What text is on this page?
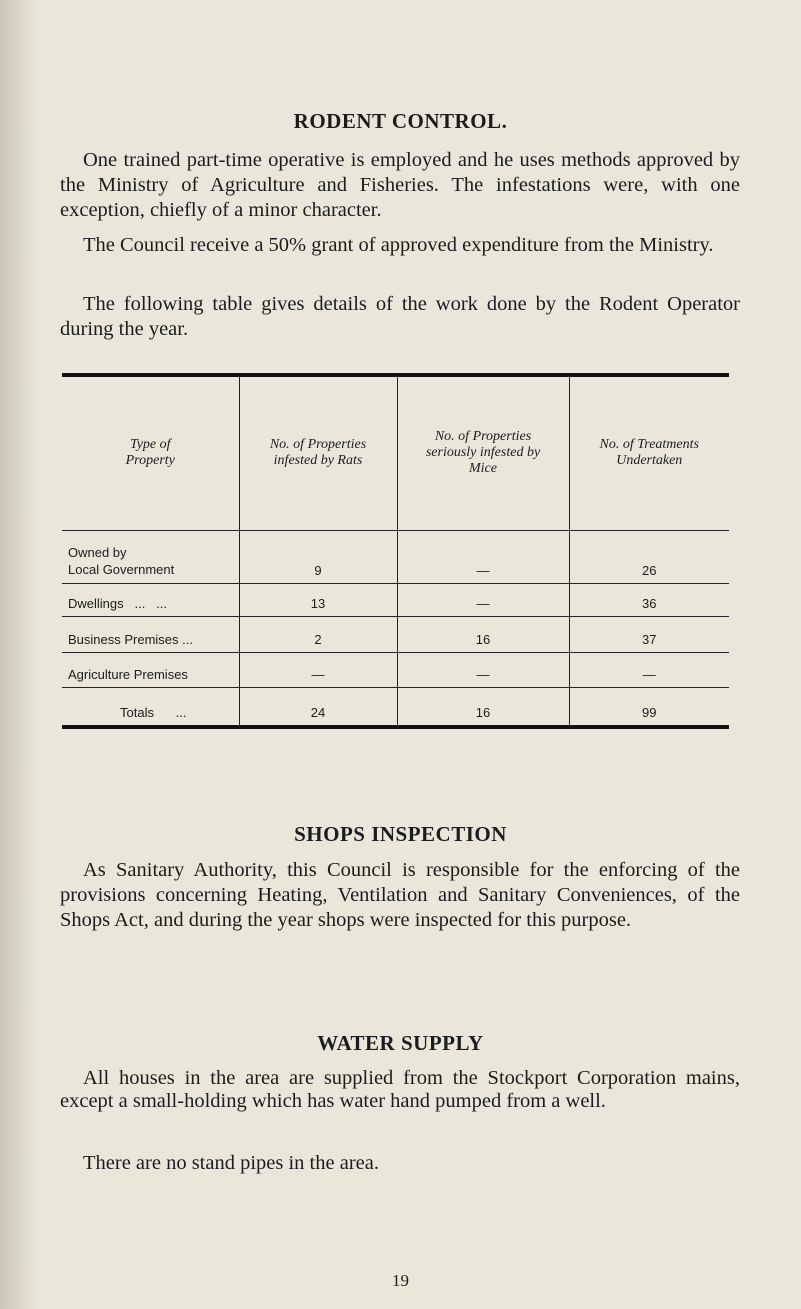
RODENT CONTROL.
One trained part-time operative is employed and he uses methods approved by the Ministry of Agriculture and Fisheries. The infestations were, with one exception, chiefly of a minor character.
The Council receive a 50% grant of approved expenditure from the Ministry.
The following table gives details of the work done by the Rodent Operator during the year.
Type of Property	No. of Properties infested by Rats	No. of Properties seriously infested by Mice	No. of Treatments Undertaken
Owned by
Local Government	9	—	26
Dwellings   ...   ...	13	—	36
Business Premises ...	2	16	37
Agriculture Premises	—	—	—
Totals      ...	24	16	99
SHOPS INSPECTION
As Sanitary Authority, this Council is responsible for the enforcing of the provisions concerning Heating, Ventilation and Sanitary Conveniences, of the Shops Act, and during the year shops were inspected for this purpose.
WATER SUPPLY
All houses in the area are supplied from the Stockport Corporation mains, except a small-holding which has water hand pumped from a well.
There are no stand pipes in the area.
19
